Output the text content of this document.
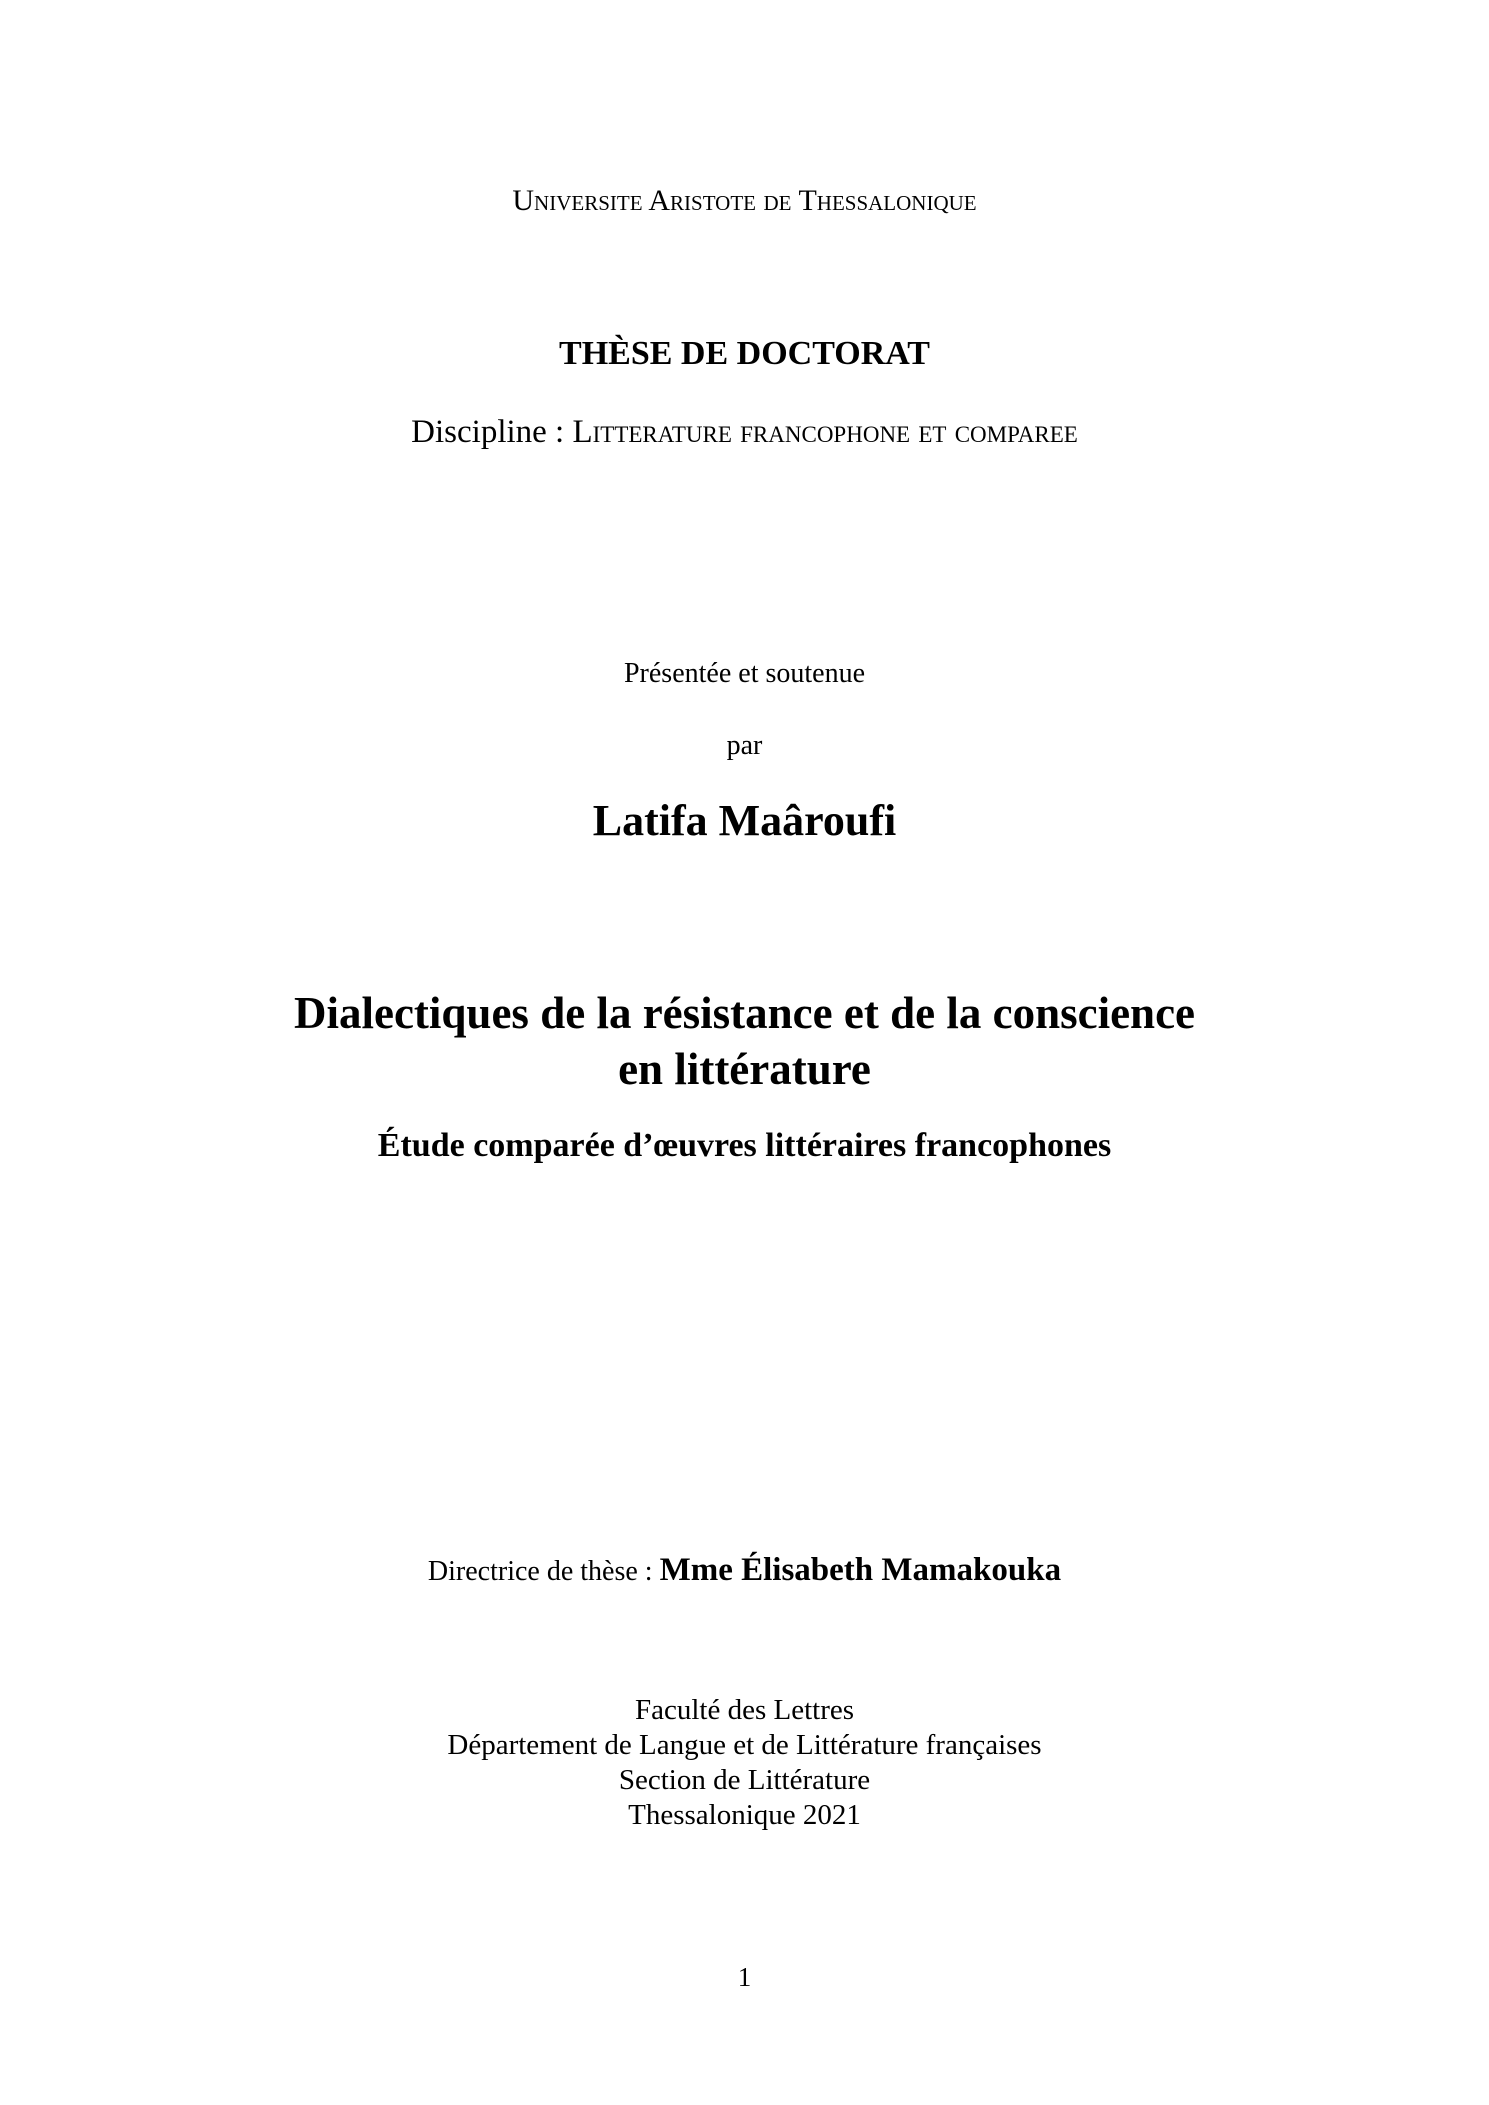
Universite Aristote de Thessalonique
THÈSE DE DOCTORAT
Discipline : Litterature francophone et comparee
Présentée et soutenue
par
Latifa Maâroufi
Dialectiques de la résistance et de la conscience
en littérature
Étude comparée d’œuvres littéraires francophones
Directrice de thèse : Mme Élisabeth Mamakouka
Faculté des Lettres
Département de Langue et de Littérature françaises
Section de Littérature
Thessalonique 2021
1
